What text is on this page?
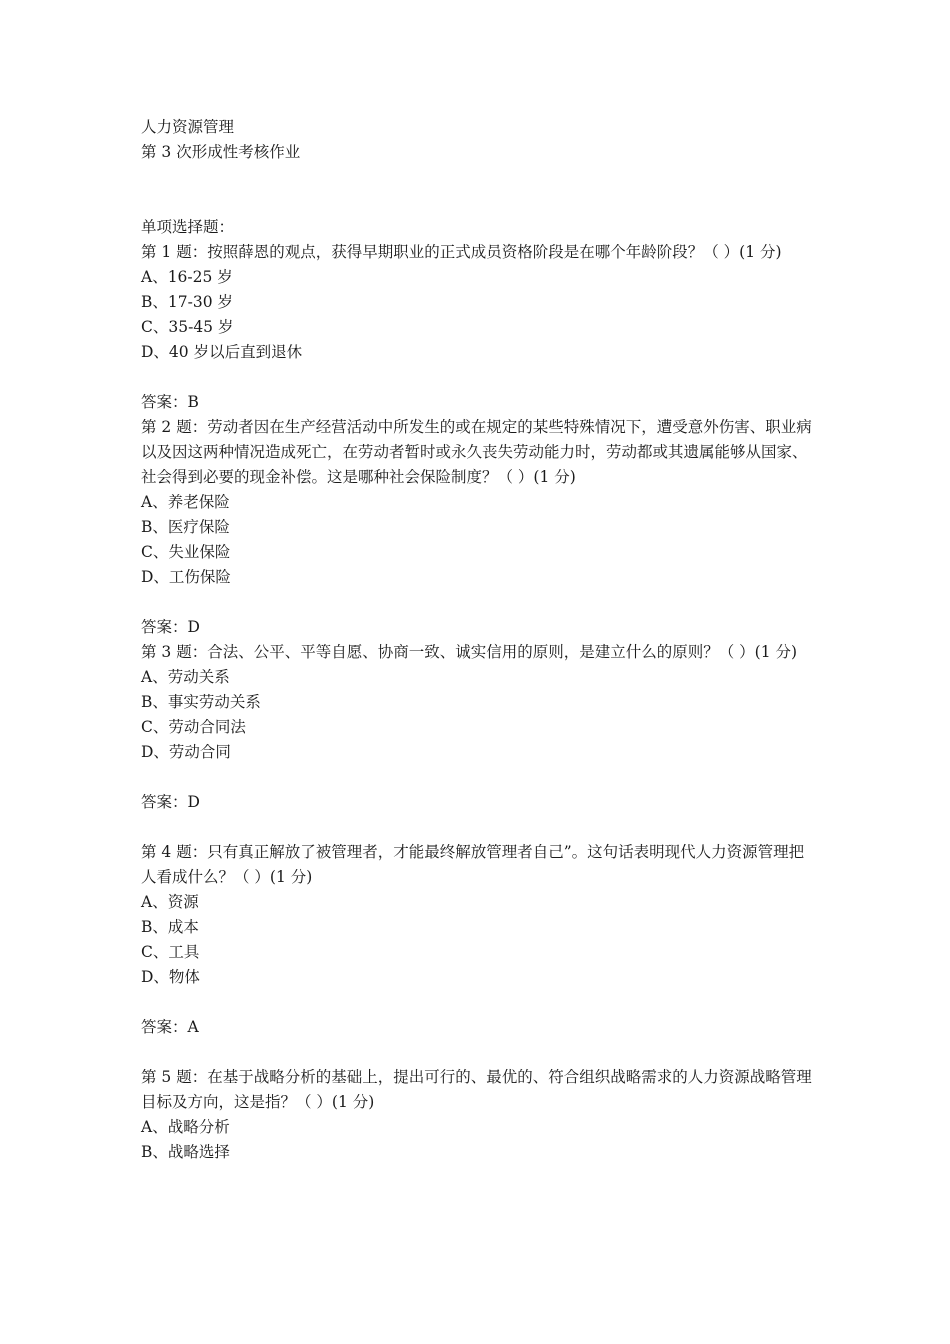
人力资源管理
第 3 次形成性考核作业
单项选择题：
第 1 题：按照薛恩的观点，获得早期职业的正式成员资格阶段是在哪个年龄阶段？（ ）(1 分)
A、16-25 岁
B、17-30 岁
C、35-45 岁
D、40 岁以后直到退休
答案：B
第 2 题：劳动者因在生产经营活动中所发生的或在规定的某些特殊情况下，遭受意外伤害、职业病以及因这两种情况造成死亡，在劳动者暂时或永久丧失劳动能力时，劳动都或其遗属能够从国家、社会得到必要的现金补偿。这是哪种社会保险制度？（ ）(1 分)
A、养老保险
B、医疗保险
C、失业保险
D、工伤保险
答案：D
第 3 题：合法、公平、平等自愿、协商一致、诚实信用的原则，是建立什么的原则？（ ）(1 分)
A、劳动关系
B、事实劳动关系
C、劳动合同法
D、劳动合同
答案：D
第 4 题：只有真正解放了被管理者，才能最终解放管理者自己”。这句话表明现代人力资源管理把人看成什么？（ ）(1 分)
A、资源
B、成本
C、工具
D、物体
答案：A
第 5 题：在基于战略分析的基础上，提出可行的、最优的、符合组织战略需求的人力资源战略管理目标及方向，这是指？（ ）(1 分)
A、战略分析
B、战略选择
